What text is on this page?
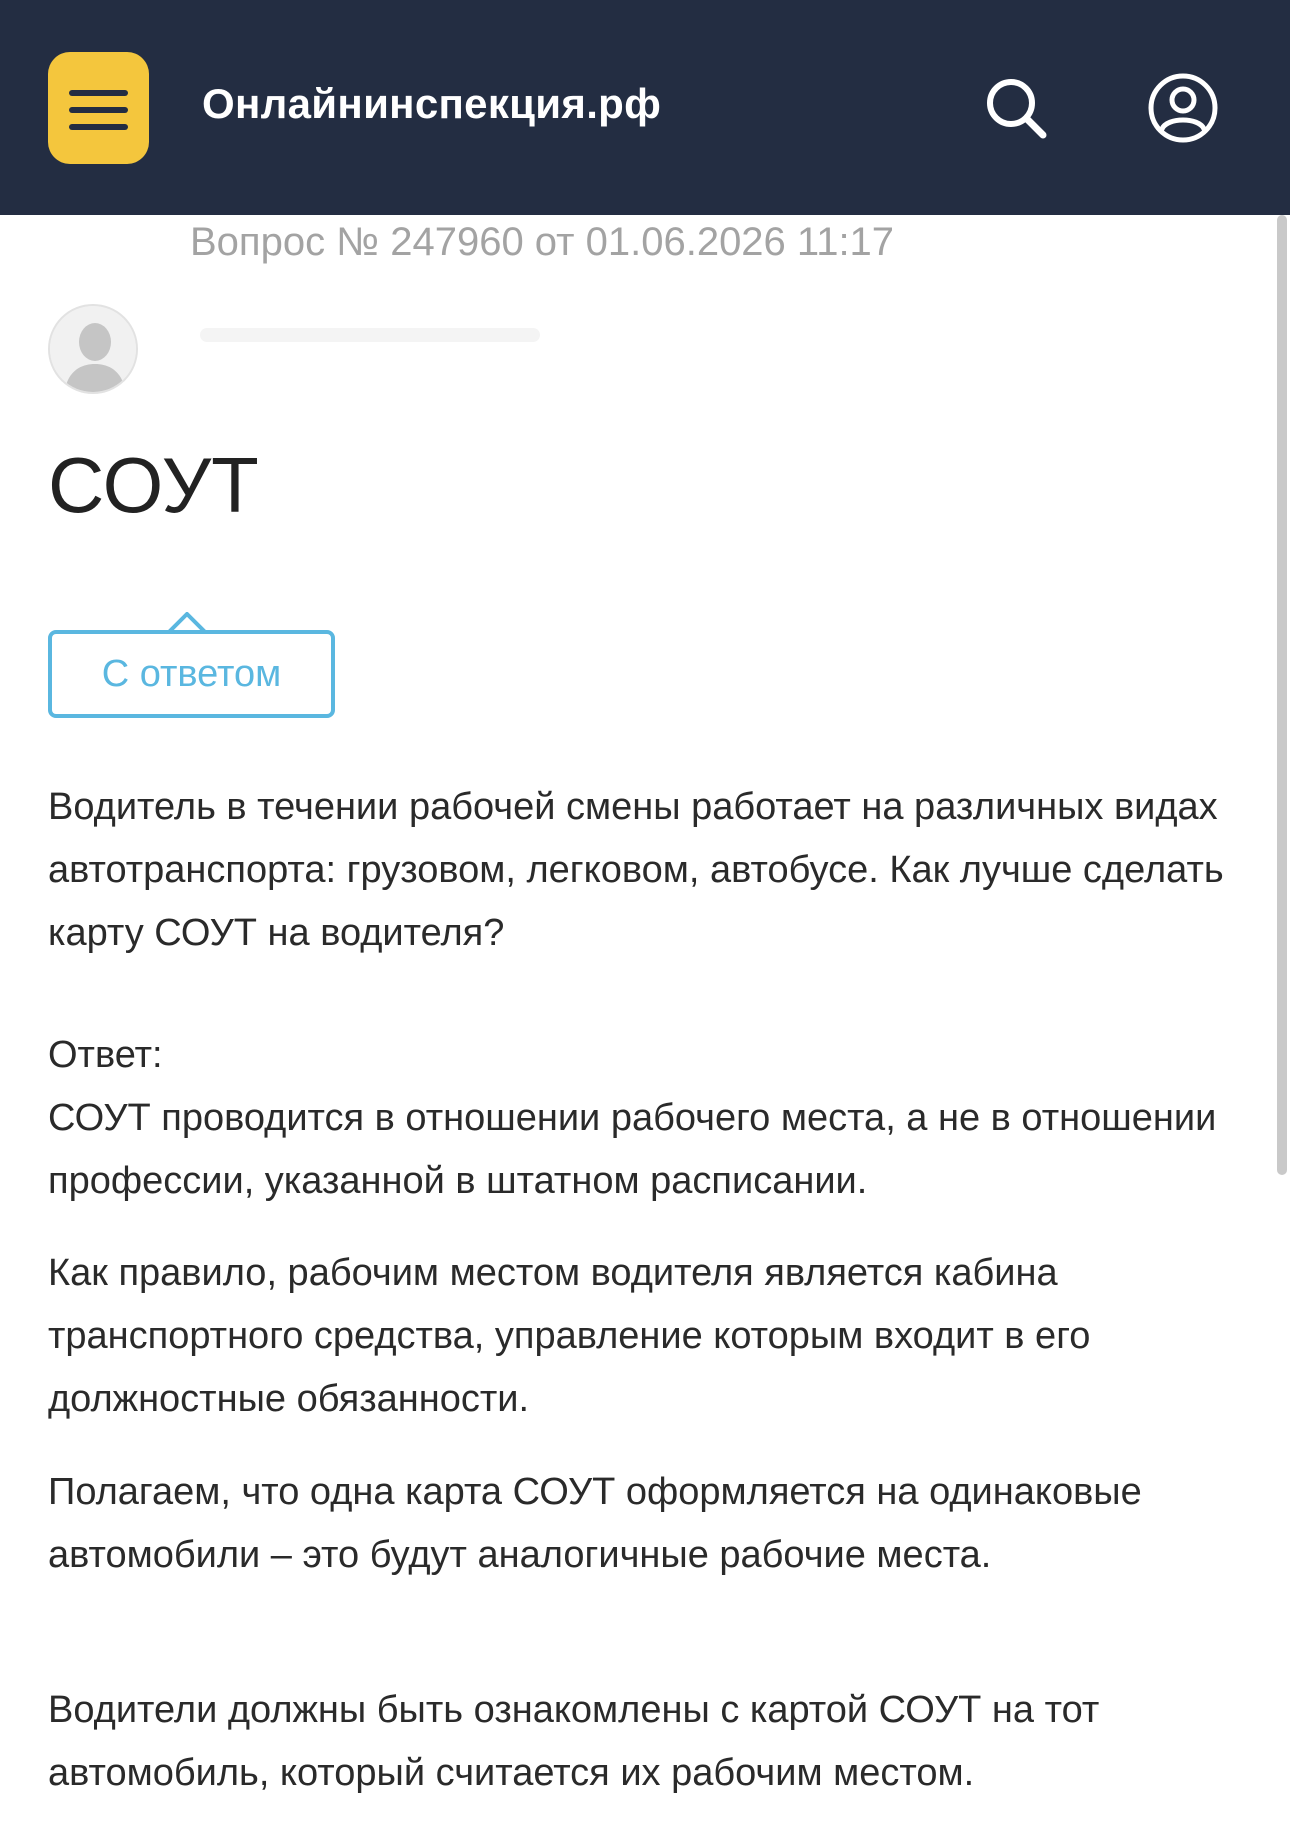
Онлайнинспекция.рф
Вопрос № 247960 от 01.06.2026 11:17
СОУТ
С ответом

Водитель в течении рабочей смены работает на различных видах автотранспорта: грузовом, легковом, автобусе. Как лучше сделать карту СОУТ на водителя?

Ответ:
СОУТ проводится в отношении рабочего места, а не в отношении профессии, указанной в штатном расписании.

Как правило, рабочим местом водителя является кабина транспортного средства, управление которым входит в его должностные обязанности.

Полагаем, что одна карта СОУТ оформляется на одинаковые автомобили – это будут аналогичные рабочие места.

Водители должны быть ознакомлены с картой СОУТ на тот автомобиль, который считается их рабочим местом.
